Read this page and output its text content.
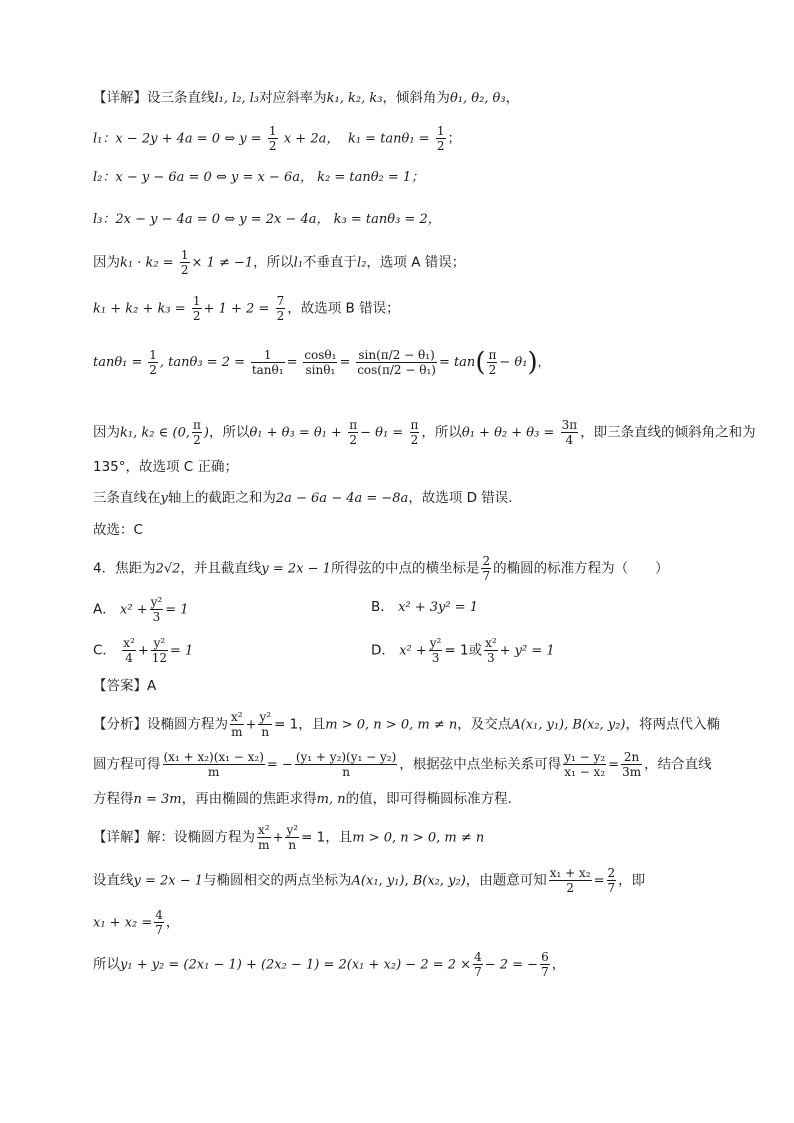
【详解】设三条直线l₁, l₂, l₃对应斜率为k₁, k₂, k₃，倾斜角为θ₁, θ₂, θ₃，
l₁：x − 2y + 4a = 0 ⇔ $y = \frac{1}{2}$ x + 2a， $k_1 = \tan\theta_1 = \frac{1}{2}$ ；
l₂：x − y − 6a = 0 ⇔ y = x − 6a， k₂ = tanθ₂ = 1；
l₃：2x − y − 4a = 0 ⇔ y = 2x − 4a， k₃ = tanθ₃ = 2，
因为$k_1 \cdot k_2 = \frac{1}{2} \times 1 \ne -1$，所以l₁不垂直于l₂，选项 A 错误；
$k_1 + k_2 + k_3 = \frac{1}{2} + 1 + 2 = \frac{7}{2}$ ，故选项 B 错误；
$\tan\theta_1 = \frac{1}{2}$ , $\tan\theta_3 = 2 = \frac{1}{\text{tanθ₁}} = \frac{\text{cosθ₁}}{\text{sinθ₁}} = \frac{\text{sin(π/2 − θ₁)}}{\text{cos(π/2 − θ₁)}} = \tan( \frac{\pi}{2} - \theta_1)$，
因为k₁, k₂ ∈ (0, $\frac{\pi}{2}$ )，所以$\theta_1 + \theta_3 = \theta_1 + \frac{\pi}{2} - \theta_1 = \frac{\pi}{2}$ ，所以$\theta_1 + \theta_2 + \theta_3 = \frac{3\pi}{4}$ ，即三条直线的倾斜角之和为
135°，故选项 C 正确；
三条直线在y轴上的截距之和为2a − 6a − 4a = −8a，故选项 D 错误.
故选：C
4．焦距为2√2，并且截直线y = 2x − 1所得弦的中点的横坐标是 $\frac{2}{7}$ 的椭圆的标准方程为（　　）
A． $x^2 + \frac{\text{y²}}{3} = 1$	B． x² + 3y² = 1
C． $\frac{\text{x²}}{4} + \frac{\text{y²}}{12} = 1$	D． $x^2 + \frac{\text{y²}}{3} = 1$或 $\frac{\text{x²}}{3} + y^2 = 1$
【答案】A
【分析】设椭圆方程为 $\frac{\text{x²}}{m} + \frac{\text{y²}}{n} = 1$，且m > 0, n > 0, m ≠ n，及交点A(x₁, y₁), B(x₂, y₂)，将两点代入椭
圆方程可得 $\frac{\text{(x₁ + x₂)(x₁ − x₂)}}{m}$ = − $\frac{\text{(y₁ + y₂)(y₁ − y₂)}}{n}$ ，根据弦中点坐标关系可得 $\frac{\text{y₁ − y₂}}{\text{x₁ − x₂}} = \frac{2n}{3m}$ ，结合直线
方程得n = 3m，再由椭圆的焦距求得m, n的值，即可得椭圆标准方程.
【详解】解：设椭圆方程为 $\frac{\text{x²}}{m} + \frac{\text{y²}}{n} = 1$，且m > 0, n > 0, m ≠ n
设直线y = 2x − 1与椭圆相交的两点坐标为A(x₁, y₁), B(x₂, y₂)，由题意可知 $\frac{\text{x₁ + x₂}}{2} = \frac{2}{7}$ ，即
$x_1 + x_2 = \frac{4}{7}$ ，
所以$y_1 + y_2 = (2x_1 - 1) + (2x_2 - 1) = 2(x_1 + x_2) - 2 = 2 \times \frac{4}{7} - 2$ = − $\frac{6}{7}$ ，
